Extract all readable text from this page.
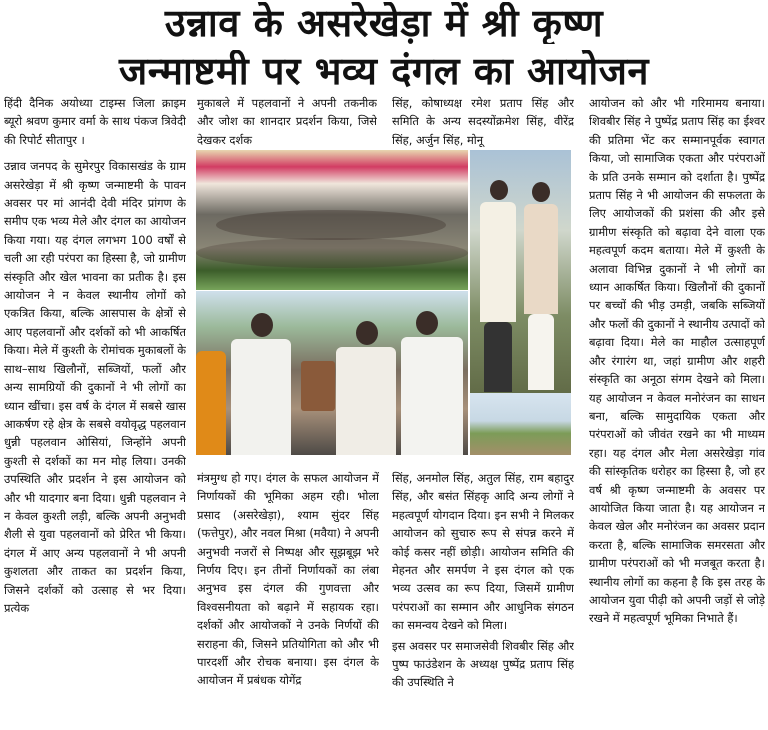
उन्नाव के असरेखेड़ा में श्री कृष्ण
जन्माष्टमी पर भव्य दंगल का आयोजन

हिंदी दैनिक अयोध्या टाइम्स जिला क्राइम ब्यूरो श्रवण कुमार वर्मा के साथ पंकज त्रिवेदी की रिपोर्ट सीतापुर ।

उन्नाव जनपद के सुमेरपुर विकासखंड के ग्राम असरेखेड़ा में श्री कृष्ण जन्माष्टमी के पावन अवसर पर मां आनंदी देवी मंदिर प्रांगण के समीप एक भव्य मेले और दंगल का आयोजन किया गया। यह दंगल लगभग 100 वर्षों से चली आ रही परंपरा का हिस्सा है, जो ग्रामीण संस्कृति और खेल भावना का प्रतीक है। इस आयोजन ने न केवल स्थानीय लोगों को एकत्रित किया, बल्कि आसपास के क्षेत्रों से आए पहलवानों और दर्शकों को भी आकर्षित किया। मेले में कुश्ती के रोमांचक मुकाबलों के साथ–साथ खिलौनों, सब्जियों, फलों और अन्य सामग्रियों की दुकानों ने भी लोगों का ध्यान खींचा। इस वर्ष के दंगल में सबसे खास आकर्षण रहे क्षेत्र के सबसे वयोवृद्ध पहलवान धुन्नी पहलवान ओसियां, जिन्होंने अपनी कुश्ती से दर्शकों का मन मोह लिया। उनकी उपस्थिति और प्रदर्शन ने इस आयोजन को और भी यादगार बना दिया। धुन्नी पहलवान ने न केवल कुश्ती लड़ी, बल्कि अपनी अनुभवी शैली से युवा पहलवानों को प्रेरित भी किया। दंगल में आए अन्य पहलवानों ने भी अपनी कुशलता और ताकत का प्रदर्शन किया, जिसने दर्शकों को उत्साह से भर दिया। प्रत्येक

मुकाबले में पहलवानों ने अपनी तकनीक और जोश का शानदार प्रदर्शन किया, जिसे देखकर दर्शक

सिंह, कोषाध्यक्ष रमेश प्रताप सिंह और समिति के अन्य सदस्योंक्रमेश सिंह, वीरेंद्र सिंह, अर्जुन सिंह, मोनू

आयोजन को और भी गरिमामय बनाया। शिवबीर सिंह ने पुष्पेंद्र प्रताप सिंह का ईश्वर की प्रतिमा भेंट कर सम्मानपूर्वक स्वागत किया, जो सामाजिक एकता और परंपराओं के प्रति उनके सम्मान को दर्शाता है। पुष्पेंद्र प्रताप सिंह ने भी आयोजन की सफलता के लिए आयोजकों की प्रशंसा की और इसे ग्रामीण संस्कृति को बढ़ावा देने वाला एक महत्वपूर्ण कदम बताया। मेले में कुश्ती के अलावा विभिन्न दुकानों ने भी लोगों का ध्यान आकर्षित किया। खिलौनों की दुकानों पर बच्चों की भीड़ उमड़ी, जबकि सब्जियों और फलों की दुकानों ने स्थानीय उत्पादों को बढ़ावा दिया। मेले का माहौल उत्साहपूर्ण और रंगारंग था, जहां ग्रामीण और शहरी संस्कृति का अनूठा संगम देखने को मिला। यह आयोजन न केवल मनोरंजन का साधन बना, बल्कि सामुदायिक एकता और परंपराओं को जीवंत रखने का भी माध्यम रहा। यह दंगल और मेला असरेखेड़ा गांव की सांस्कृतिक धरोहर का हिस्सा है, जो हर वर्ष श्री कृष्ण जन्माष्टमी के अवसर पर आयोजित किया जाता है। यह आयोजन न केवल खेल और मनोरंजन का अवसर प्रदान करता है, बल्कि सामाजिक समरसता और ग्रामीण परंपराओं को भी मजबूत करता है। स्थानीय लोगों का कहना है कि इस तरह के आयोजन युवा पीढ़ी को अपनी जड़ों से जोड़े रखने में महत्वपूर्ण भूमिका निभाते हैं।

मंत्रमुग्ध हो गए। दंगल के सफल आयोजन में निर्णायकों की भूमिका अहम रही। भोला प्रसाद (असरेखेड़ा), श्याम सुंदर सिंह (फत्तेपुर), और नवल मिश्रा (मवैया) ने अपनी अनुभवी नजरों से निष्पक्ष और सूझबूझ भरे निर्णय दिए। इन तीनों निर्णायकों का लंबा अनुभव इस दंगल की गुणवत्ता और विश्वसनीयता को बढ़ाने में सहायक रहा। दर्शकों और आयोजकों ने उनके निर्णयों की सराहना की, जिसने प्रतियोगिता को और भी पारदर्शी और रोचक बनाया। इस दंगल के आयोजन में प्रबंधक योगेंद्र

सिंह, अनमोल सिंह, अतुल सिंह, राम बहादुर सिंह, और बसंत सिंहकृ आदि अन्य लोगों ने महत्वपूर्ण योगदान दिया। इन सभी ने मिलकर आयोजन को सुचारु रूप से संपन्न करने में कोई कसर नहीं छोड़ी। आयोजन समिति की मेहनत और समर्पण ने इस दंगल को एक भव्य उत्सव का रूप दिया, जिसमें ग्रामीण परंपराओं का सम्मान और आधुनिक संगठन का समन्वय देखने को मिला।

इस अवसर पर समाजसेवी शिवबीर सिंह और पुष्प फाउंडेशन के अध्यक्ष पुष्पेंद्र प्रताप सिंह की उपस्थिति ने
